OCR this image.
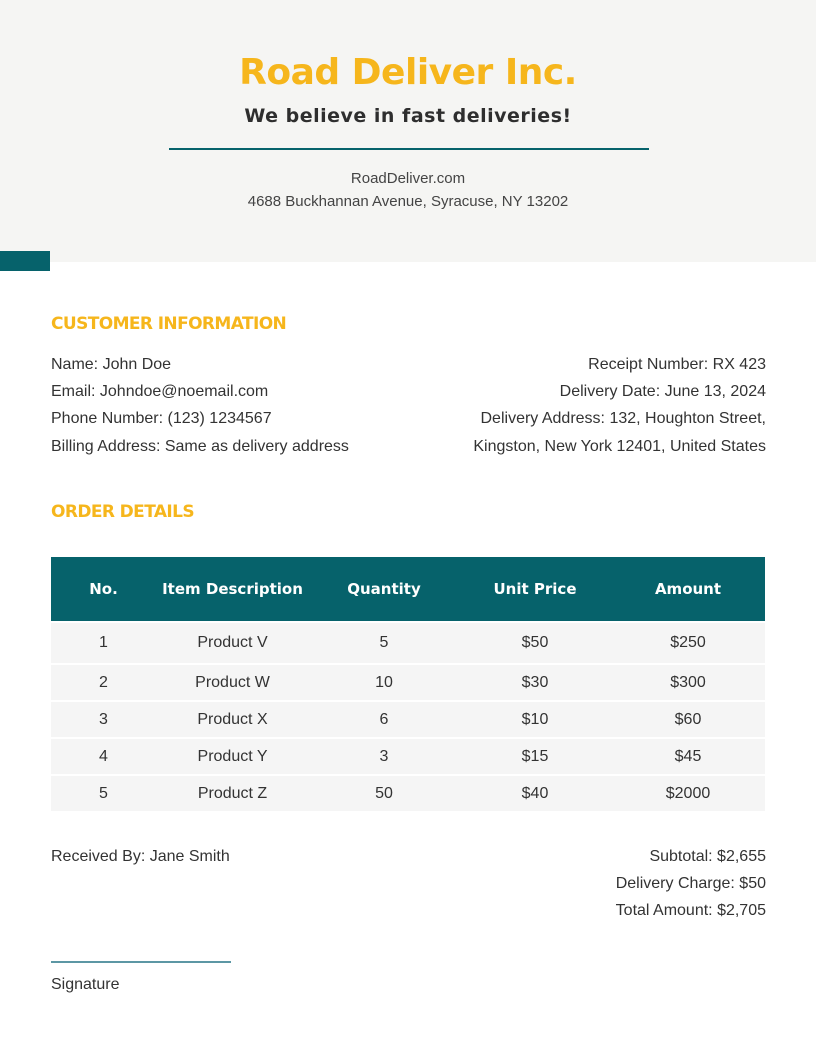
Road Deliver Inc.
We believe in fast deliveries!
RoadDeliver.com
4688 Buckhannan Avenue, Syracuse, NY 13202
CUSTOMER INFORMATION
Name: John Doe
Email: Johndoe@noemail.com
Phone Number: (123) 1234567
Billing Address: Same as delivery address
Receipt Number: RX 423
Delivery Date: June 13, 2024
Delivery Address: 132, Houghton Street,
Kingston, New York 12401, United States
ORDER DETAILS
No.	Item Description	Quantity	Unit Price	Amount
1	Product V	5	$50	$250
2	Product W	10	$30	$300
3	Product X	6	$10	$60
4	Product Y	3	$15	$45
5	Product Z	50	$40	$2000
Received By: Jane Smith	Subtotal: $2,655
Delivery Charge: $50
Total Amount: $2,705
Signature
